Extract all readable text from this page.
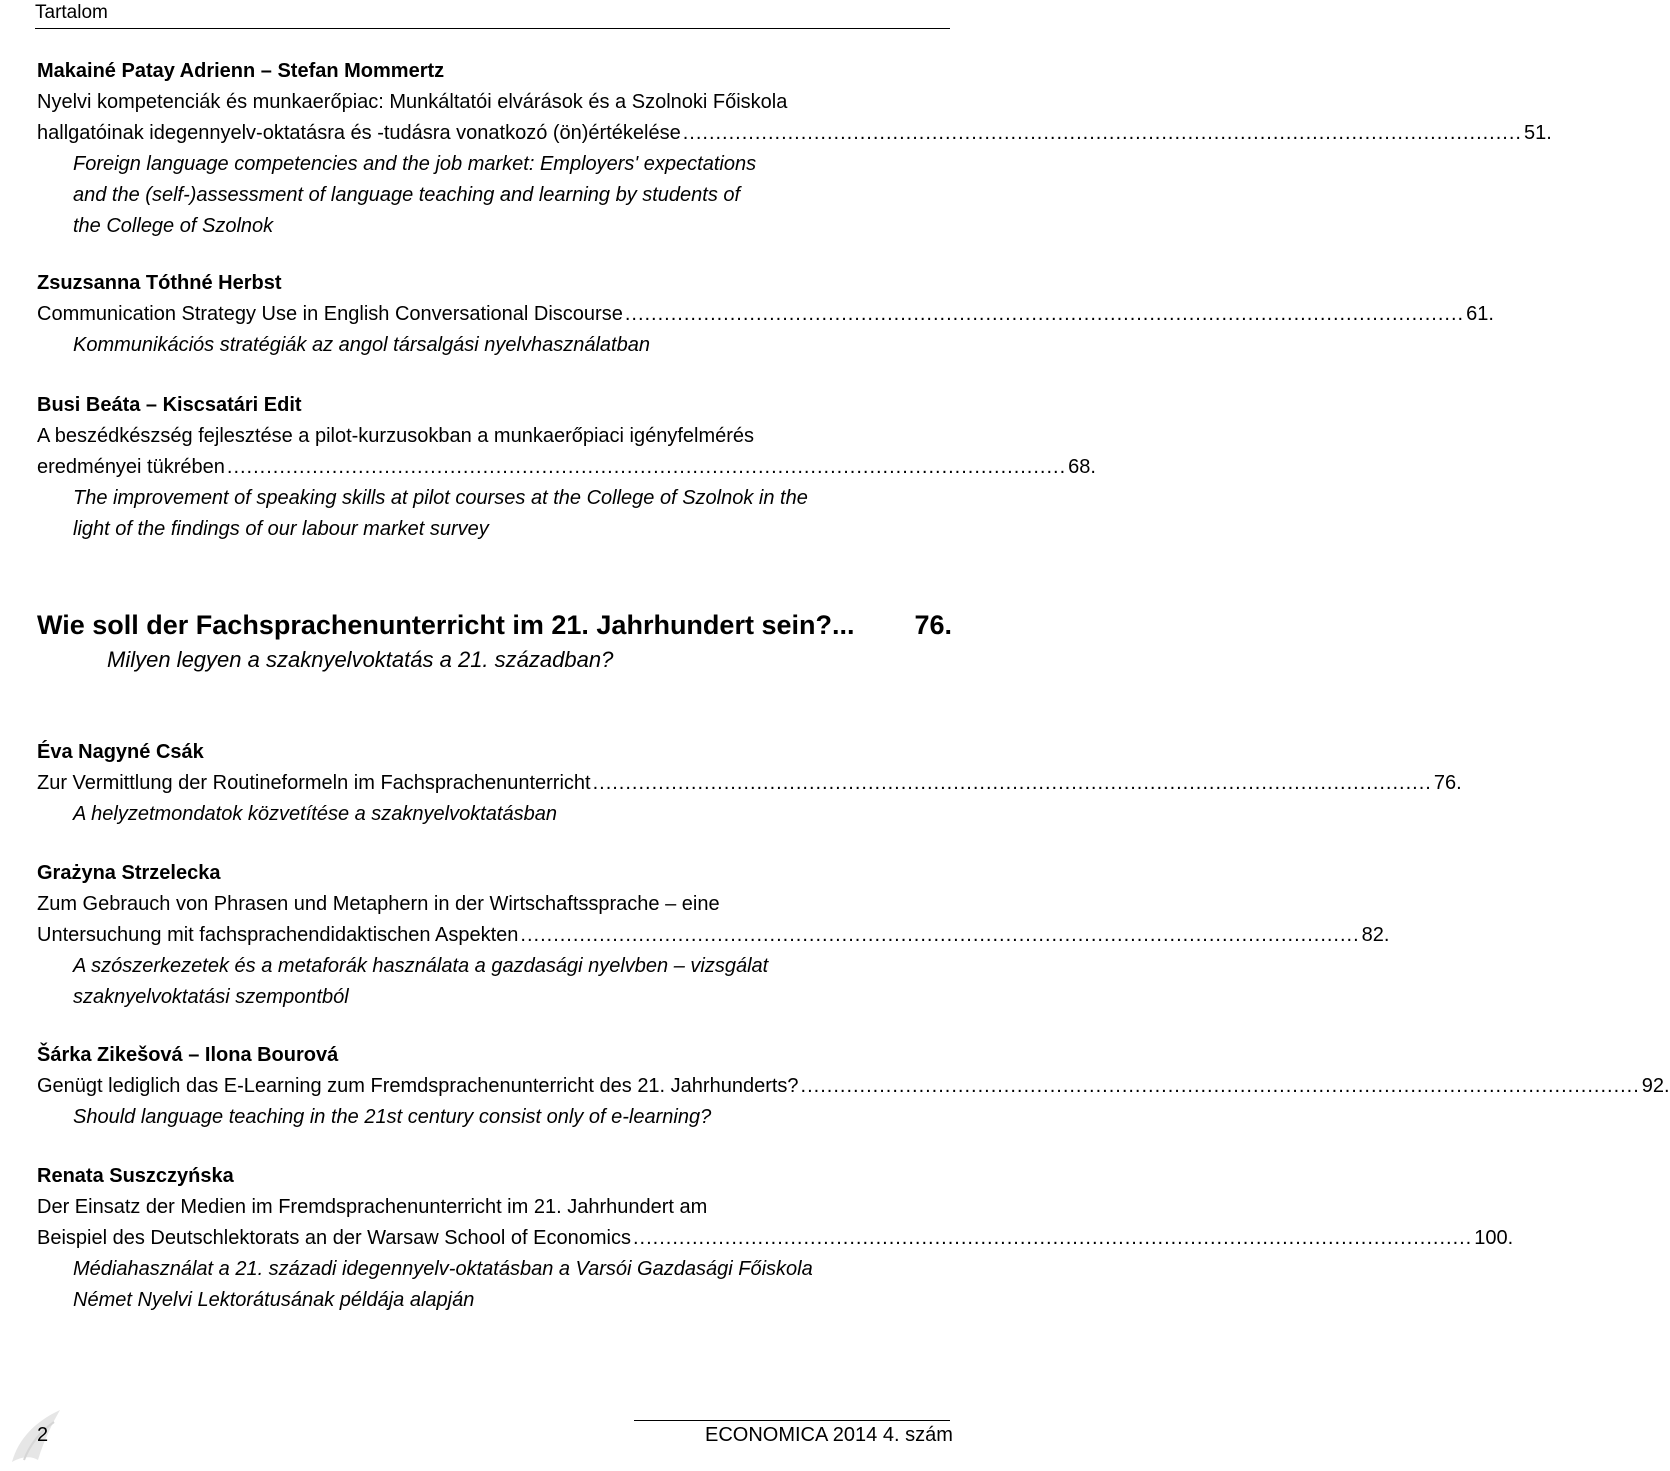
Tartalom
Makainé Patay Adrienn – Stefan Mommertz
Nyelvi kompetenciák és munkaerőpiac: Munkáltatói elvárások és a Szolnoki Főiskola
hallgatóinak idegennyelv-oktatásra és -tudásra vonatkozó (ön)értékelése ................................................................................................................................ 51.
Foreign language competencies and the job market: Employers' expectations
and the (self-)assessment of language teaching and learning by students of
the College of Szolnok
Zsuzsanna Tóthné Herbst
Communication Strategy Use in English Conversational Discourse ................................................................................................................................ 61.
Kommunikációs stratégiák az angol társalgási nyelvhasználatban
Busi Beáta – Kiscsatári Edit
A beszédkészség fejlesztése a pilot-kurzusokban a munkaerőpiaci igényfelmérés
eredményei tükrében ................................................................................................................................ 68.
The improvement of speaking skills at pilot courses at the College of Szolnok in the
light of the findings of our labour market survey
Wie soll der Fachsprachenunterricht im 21. Jahrhundert sein?...	76.
Milyen legyen a szaknyelvoktatás a 21. században?
Éva Nagyné Csák
Zur Vermittlung der Routineformeln im Fachsprachenunterricht ................................................................................................................................ 76.
A helyzetmondatok közvetítése a szaknyelvoktatásban
Grażyna Strzelecka
Zum Gebrauch von Phrasen und Metaphern in der Wirtschaftssprache – eine
Untersuchung mit fachsprachendidaktischen Aspekten ................................................................................................................................ 82.
A szószerkezetek és a metaforák használata a gazdasági nyelvben – vizsgálat
szaknyelvoktatási szempontból
Šárka Zikešová – Ilona Bourová
Genügt lediglich das E-Learning zum Fremdsprachenunterricht des 21. Jahrhunderts? ................................................................................................................................ 92.
Should language teaching in the 21st century consist only of e-learning?
Renata Suszczyńska
Der Einsatz der Medien im Fremdsprachenunterricht im 21. Jahrhundert am
Beispiel des Deutschlektorats an der Warsaw School of Economics ................................................................................................................................ 100.
Médiahasználat a 21. századi idegennyelv-oktatásban a Varsói Gazdasági Főiskola
Német Nyelvi Lektorátusának példája alapján
2	ECONOMICA 2014 4. szám
